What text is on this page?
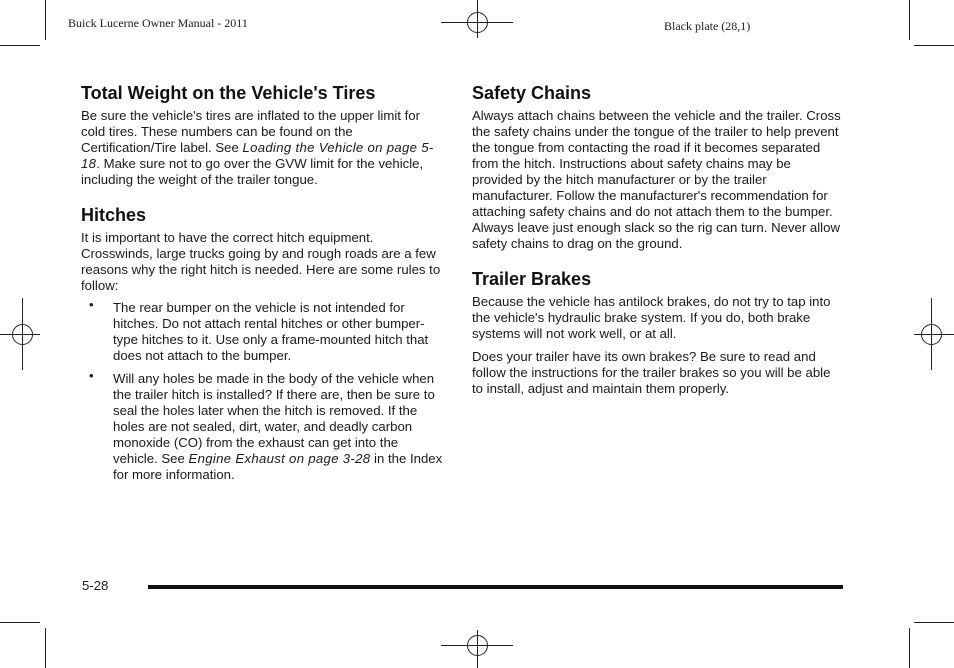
Buick Lucerne Owner Manual - 2011	Black plate (28,1)
Total Weight on the Vehicle's Tires

Be sure the vehicle's tires are inflated to the upper limit for cold tires. These numbers can be found on the Certification/Tire label. See Loading the Vehicle on page 5-18. Make sure not to go over the GVW limit for the vehicle, including the weight of the trailer tongue.

Hitches

It is important to have the correct hitch equipment. Crosswinds, large trucks going by and rough roads are a few reasons why the right hitch is needed. Here are some rules to follow:

• The rear bumper on the vehicle is not intended for hitches. Do not attach rental hitches or other bumper-type hitches to it. Use only a frame-mounted hitch that does not attach to the bumper.
• Will any holes be made in the body of the vehicle when the trailer hitch is installed? If there are, then be sure to seal the holes later when the hitch is removed. If the holes are not sealed, dirt, water, and deadly carbon monoxide (CO) from the exhaust can get into the vehicle. See Engine Exhaust on page 3-28 in the Index for more information.
Safety Chains

Always attach chains between the vehicle and the trailer. Cross the safety chains under the tongue of the trailer to help prevent the tongue from contacting the road if it becomes separated from the hitch. Instructions about safety chains may be provided by the hitch manufacturer or by the trailer manufacturer. Follow the manufacturer's recommendation for attaching safety chains and do not attach them to the bumper. Always leave just enough slack so the rig can turn. Never allow safety chains to drag on the ground.

Trailer Brakes

Because the vehicle has antilock brakes, do not try to tap into the vehicle's hydraulic brake system. If you do, both brake systems will not work well, or at all.

Does your trailer have its own brakes? Be sure to read and follow the instructions for the trailer brakes so you will be able to install, adjust and maintain them properly.

5-28
